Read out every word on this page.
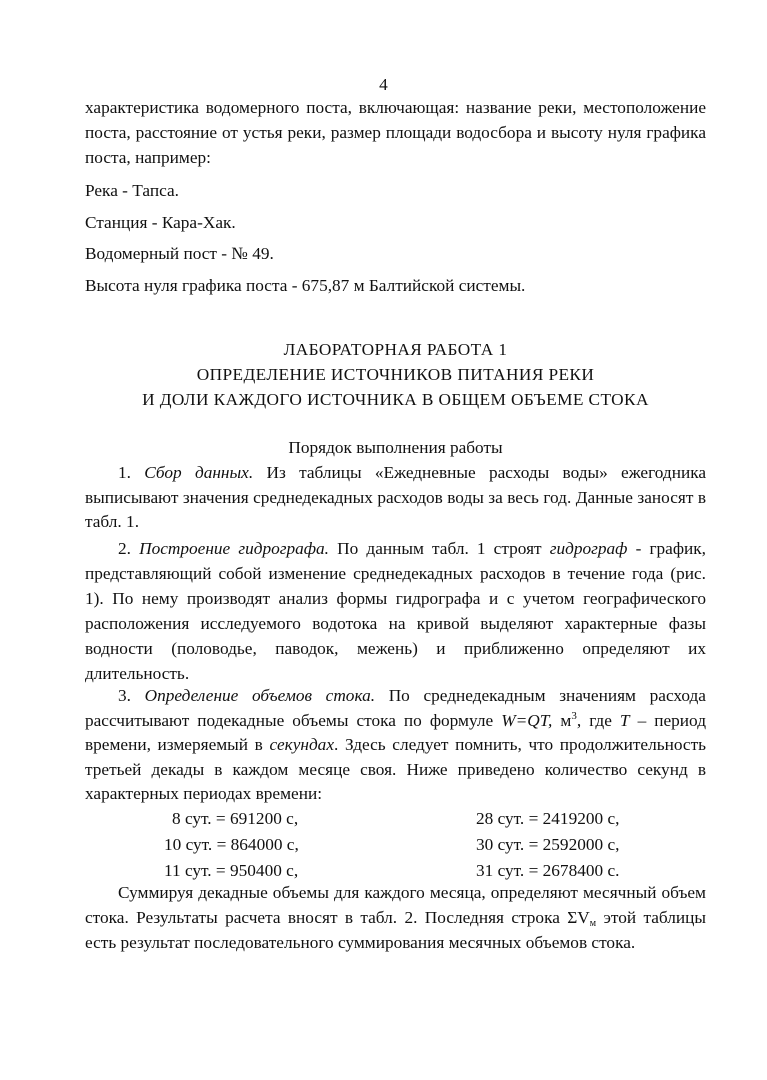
4

характеристика водомерного поста, включающая: название реки, местоположение поста, расстояние от устья реки, размер площади водосбора и высоту нуля графика поста, например:

Река - Тапса.

Станция - Кара-Хак.

Водомерный пост - № 49.

Высота нуля графика поста - 675,87 м Балтийской системы.

ЛАБОРАТОРНАЯ РАБОТА 1
ОПРЕДЕЛЕНИЕ ИСТОЧНИКОВ ПИТАНИЯ РЕКИ
И ДОЛИ КАЖДОГО ИСТОЧНИКА В ОБЩЕМ ОБЪЕМЕ СТОКА
Порядок выполнения работы

1. Сбор данных. Из таблицы «Ежедневные расходы воды» ежегодника выписывают значения среднедекадных расходов воды за весь год. Данные заносят в табл. 1.

2. Построение гидрографа. По данным табл. 1 строят гидрограф - график, представляющий собой изменение среднедекадных расходов в течение года (рис. 1). По нему производят анализ формы гидрографа и с учетом географического расположения исследуемого водотока на кривой выделяют характерные фазы водности (половодье, паводок, межень) и приближенно определяют их длительность.

3. Определение объемов стока. По среднедекадным значениям расхода рассчитывают подекадные объемы стока по формуле W=QT, $м^3$, где T – период времени, измеряемый в секундах. Здесь следует помнить, что продолжительность третьей декады в каждом месяце своя. Ниже приведено количество секунд в характерных периодах времени:

8 сут. = 691200 с,
10 сут. = 864000 с,
11 сут. = 950400 с,
28 сут. = 2419200 с,
30 сут. = 2592000 с,
31 сут. = 2678400 с.

Суммируя декадные объемы для каждого месяца, определяют месячный объем стока. Результаты расчета вносят в табл. 2. Последняя строка $\Sigma V_м$ этой таблицы есть результат последовательного суммирования месячных объемов стока.
